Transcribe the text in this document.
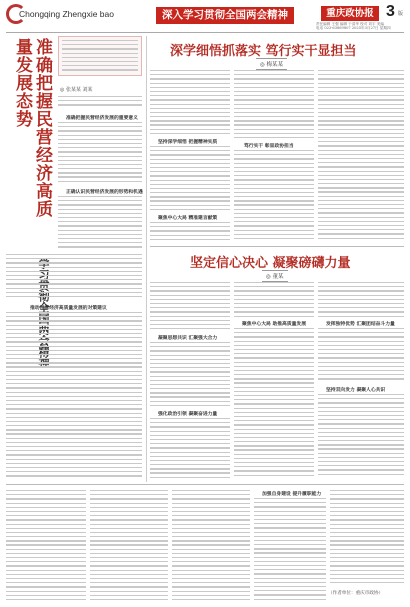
Chongqing Zhengxie bao	深入学习贯彻全国两会精神	重庆政协报 3 版
责任编辑 王强 编辑 于清华 校对 刘宇 美编
电话 023-63869807 2025年3月27日 星期四
准确把握民营经济高质量发展态势	◎ 张某某 刘某
准确把握民营经济发展的重要意义
正确认识民营经济发展的形势和机遇
推动民营经济高质量发展的对策建议
深学细悟抓落实 笃行实干显担当
◎ 梅某某
坚持深学细悟 把握精神实质
聚焦中心大局 精准建言献策
笃行实干 彰显政协担当
坚定信心决心 凝聚磅礴力量
◎ 董某
凝聚思想共识 汇聚强大合力
强化政治引领 凝聚奋进力量
聚焦中心大局 助推高质量发展	发挥独特优势 汇聚团结奋斗力量
坚持双向发力 凝聚人心共识
加强自身建设 提升履职能力
（作者单位：重庆市政协）
